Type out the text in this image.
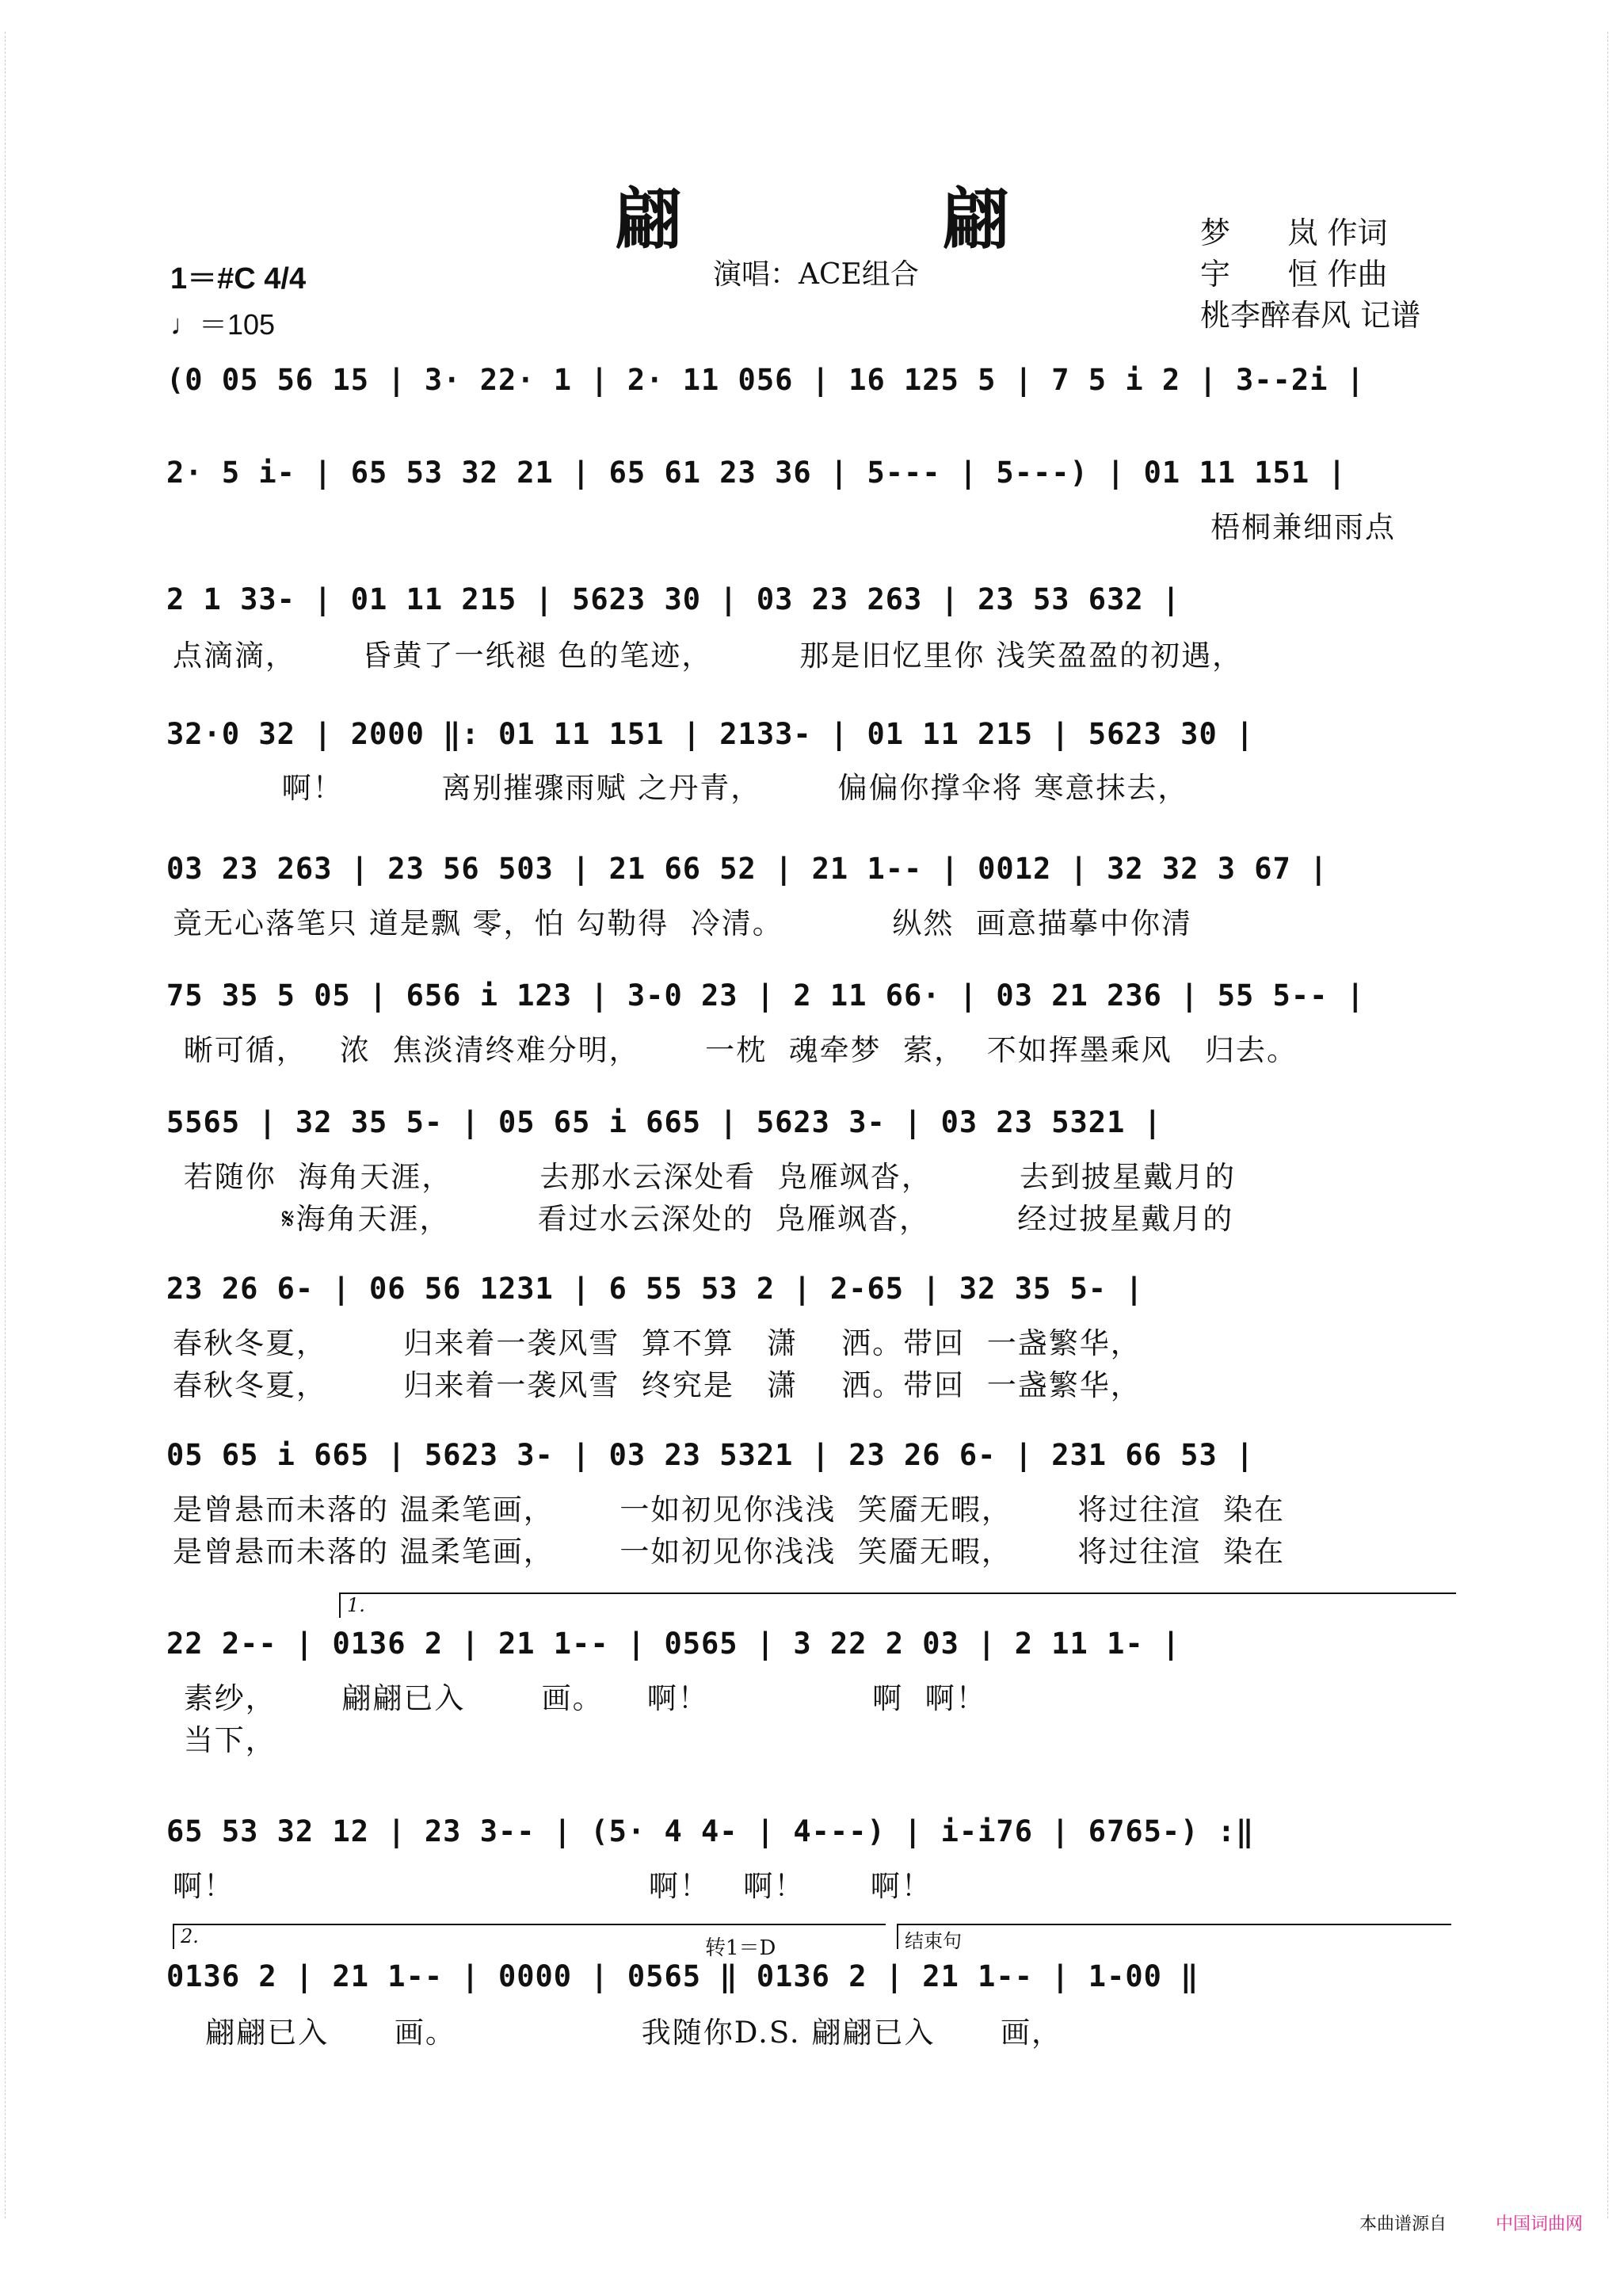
翩 翩
演唱：ACE组合
梦      岚 作词
宇      恒 作曲
桃李醉春风 记谱
1＝#C 4/4
♩＝105
(0 05 56 15 | 3· 22· 1 | 2· 11 056 | 16 125 5 | 7 5 i 2 | 3--2i |
2· 5 i- | 65 53 32 21 | 65 61 23 36 | 5--- | 5---) | 01 11 151 |
梧桐兼细雨点
2 1 33- | 01 11 215 | 5623 30 | 03 23 263 | 23 53 632 |
点滴滴，      昏黄了一纸褪 色的笔迹，        那是旧忆里你 浅笑盈盈的初遇，
32·0 32 | 2000 ‖: 01 11 151 | 2133- | 01 11 215 | 5623 30 |
啊！         离别摧骤雨赋 之丹青，       偏偏你撑伞将 寒意抹去，
03 23 263 | 23 56 503 | 21 66 52 | 21 1-- | 0012 | 32 32 3 67 |
竟无心落笔只 道是飘 零，怕 勾勒得  冷清。          纵然  画意描摹中你清
75 35 5 05 | 656 i 123 | 3-0 23 | 2 11 66· | 03 21 236 | 55 5-- |
晰可循，   浓  焦淡清终难分明，      一枕  魂牵梦  萦，  不如挥墨乘风   归去。
5565 | 32 35 5- | 05 65 i 665 | 5623 3- | 03 23 5321 |
若随你  海角天涯，        去那水云深处看  凫雁飒沓，        去到披星戴月的
𝄋海角天涯，        看过水云深处的  凫雁飒沓，        经过披星戴月的
23 26 6- | 06 56 1231 | 6 55 53 2 | 2-65 | 32 35 5- |
春秋冬夏，       归来着一袭风雪  算不算   潇    洒。带回  一盏繁华，
春秋冬夏，       归来着一袭风雪  终究是   潇    洒。带回  一盏繁华，
05 65 i 665 | 5623 3- | 03 23 5321 | 23 26 6- | 231 66 53 |
是曾悬而未落的 温柔笔画，      一如初见你浅浅  笑靥无暇，      将过往渲  染在
是曾悬而未落的 温柔笔画，      一如初见你浅浅  笑靥无暇，      将过往渲  染在
1.
22 2-- | 0136 2 | 21 1-- | 0565 | 3 22 2 03 | 2 11 1- |
素纱，      翩翩已入       画。    啊！               啊  啊！
当下，
65 53 32 12 | 23 3-- | (5· 4 4- | 4---) | i-i76 | 6765-) :‖
啊！                                      啊！   啊！      啊！
2.	转1＝D	结束句
0136 2 | 21 1-- | 0000 | 0565 ‖ 0136 2 | 21 1-- | 1-00 ‖
翩翩已入      画。                 我随你D.S. 翩翩已入      画，
本曲谱源自	中国词曲网
